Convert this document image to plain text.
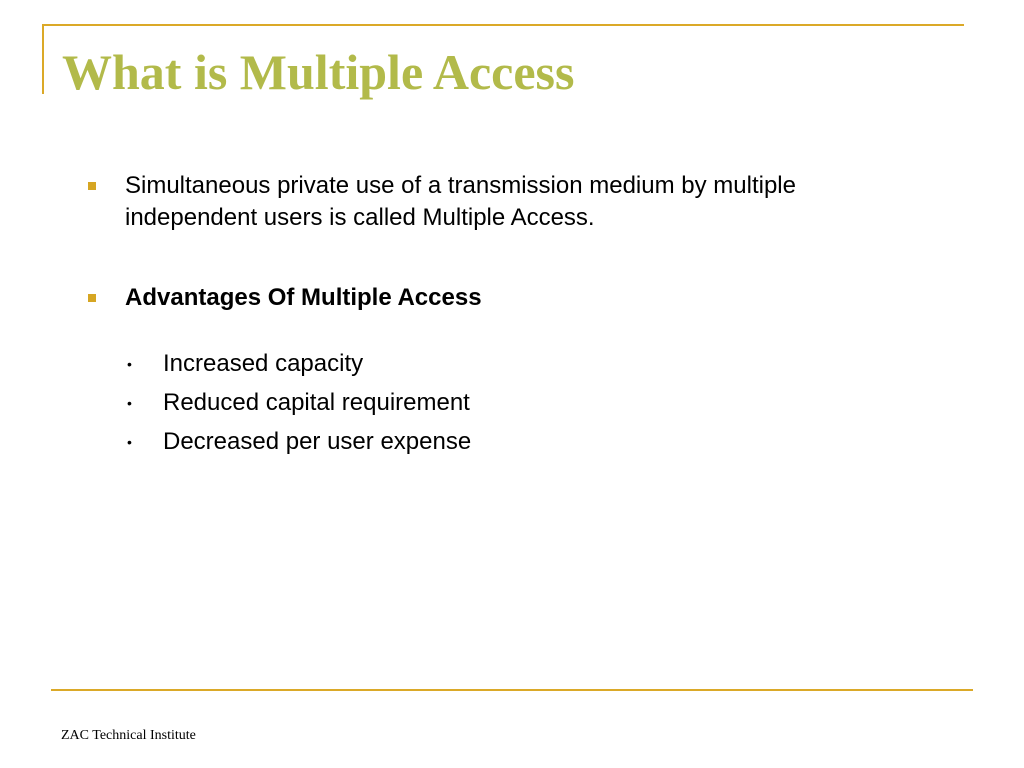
What is Multiple Access

Simultaneous private use of a transmission medium by multiple independent users is called Multiple Access.

Advantages Of Multiple Access

• Increased capacity
• Reduced capital requirement
• Decreased per user expense

ZAC Technical Institute
